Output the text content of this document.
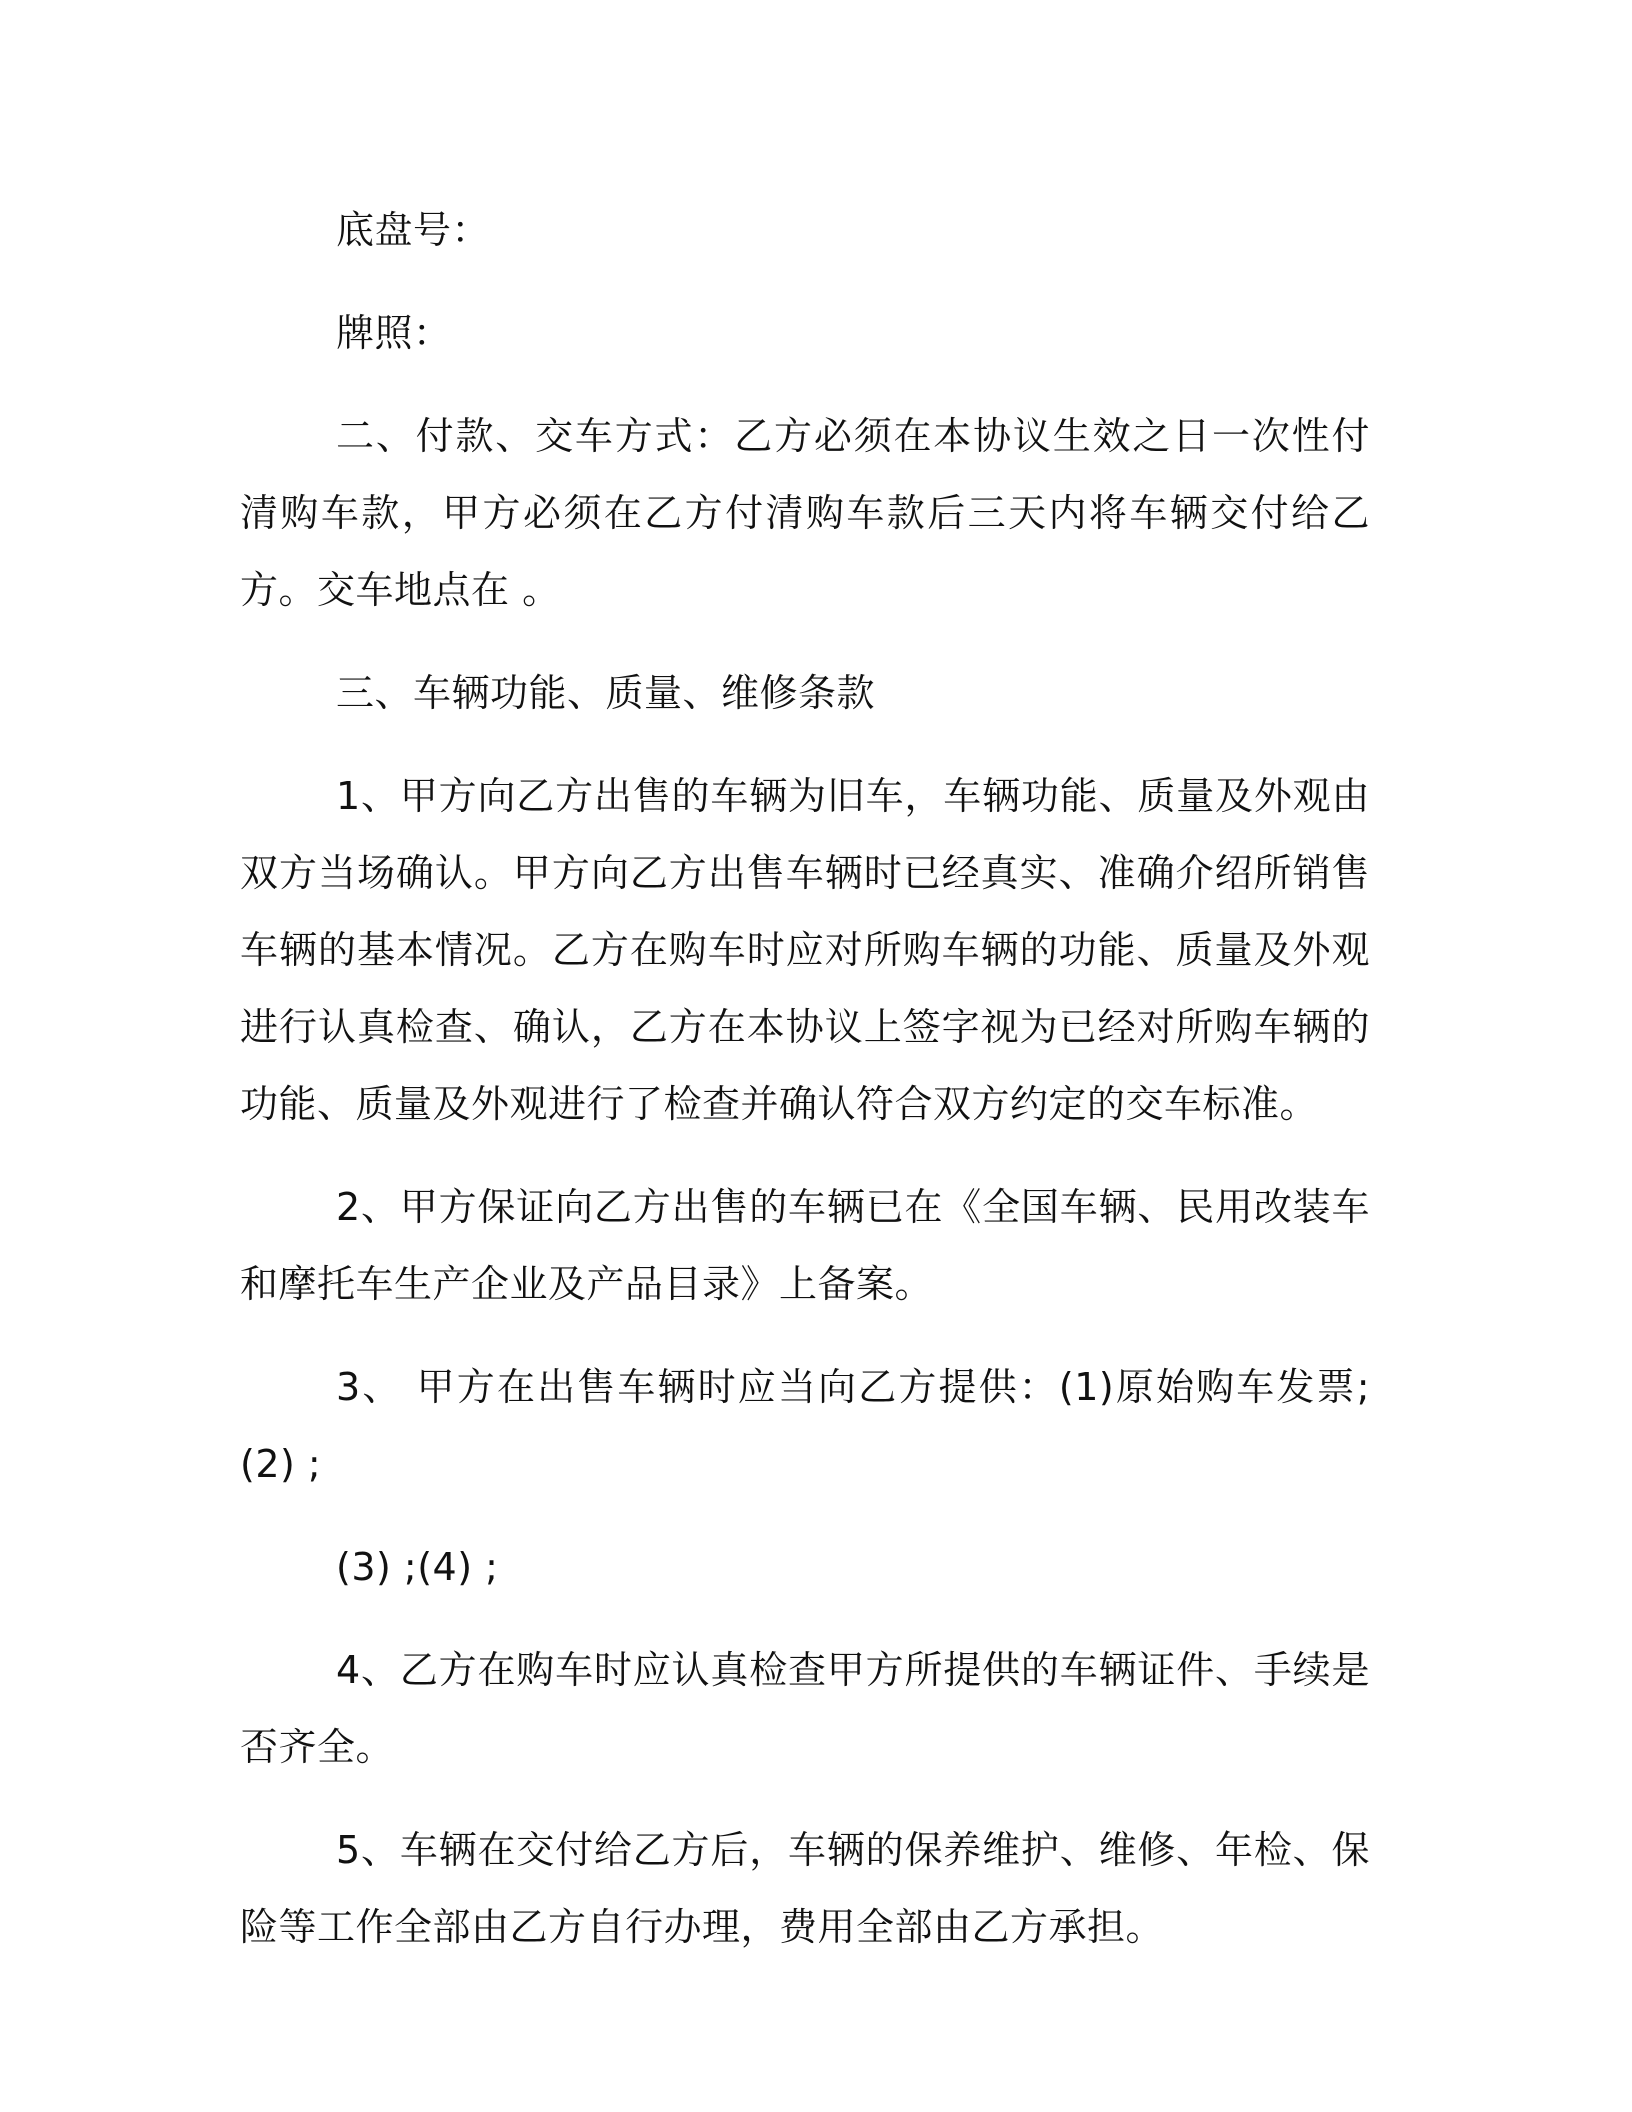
底盘号：

牌照：

二、付款、交车方式：乙方必须在本协议生效之日一次性付清购车款，甲方必须在乙方付清购车款后三天内将车辆交付给乙方。交车地点在 。

三、车辆功能、质量、维修条款

1、甲方向乙方出售的车辆为旧车，车辆功能、质量及外观由双方当场确认。甲方向乙方出售车辆时已经真实、准确介绍所销售车辆的基本情况。乙方在购车时应对所购车辆的功能、质量及外观进行认真检查、确认，乙方在本协议上签字视为已经对所购车辆的功能、质量及外观进行了检查并确认符合双方约定的交车标准。

2、甲方保证向乙方出售的车辆已在《全国车辆、民用改装车和摩托车生产企业及产品目录》上备案。

3、 甲方在出售车辆时应当向乙方提供：(1)原始购车发票;(2) ;

(3) ;(4) ;

4、乙方在购车时应认真检查甲方所提供的车辆证件、手续是否齐全。

5、车辆在交付给乙方后，车辆的保养维护、维修、年检、保险等工作全部由乙方自行办理，费用全部由乙方承担。
